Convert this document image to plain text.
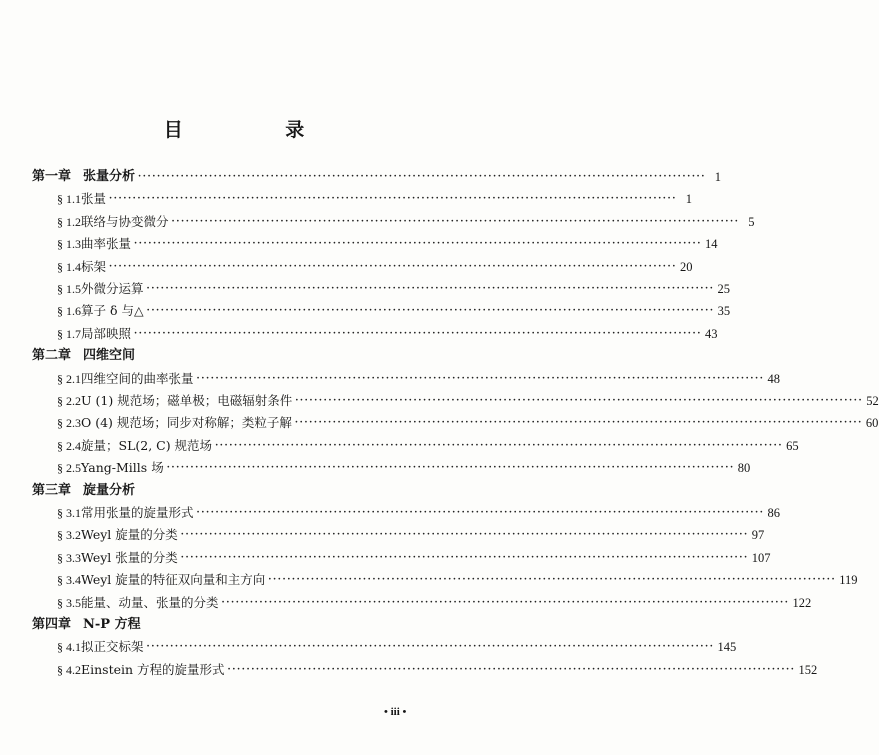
目 录
第一章 张量分析 ························································································································ 1
§ 1.1 张量 ························································································································ 1
§ 1.2 联络与协变微分 ························································································································ 5
§ 1.3 曲率张量 ························································································································ 14
§ 1.4 标架 ························································································································ 20
§ 1.5 外微分运算 ························································································································ 25
§ 1.6 算子 δ 与△ ························································································································ 35
§ 1.7 局部映照 ························································································································ 43
第二章 四维空间
§ 2.1 四维空间的曲率张量 ························································································································ 48
§ 2.2 U (1) 规范场；磁单极；电磁辐射条件 ························································································································ 52
§ 2.3 O (4) 规范场；同步对称解；类粒子解 ························································································································ 60
§ 2.4 旋量；SL(2, C) 规范场 ························································································································ 65
§ 2.5 Yang-Mills 场 ························································································································ 80
第三章 旋量分析
§ 3.1 常用张量的旋量形式 ························································································································ 86
§ 3.2 Weyl 旋量的分类 ························································································································ 97
§ 3.3 Weyl 张量的分类 ························································································································ 107
§ 3.4 Weyl 旋量的特征双向量和主方向 ························································································································ 119
§ 3.5 能量、动量、张量的分类 ························································································································ 122
第四章 N-P 方程
§ 4.1 拟正交标架 ························································································································ 145
§ 4.2 Einstein 方程的旋量形式 ························································································································ 152
• iii •
